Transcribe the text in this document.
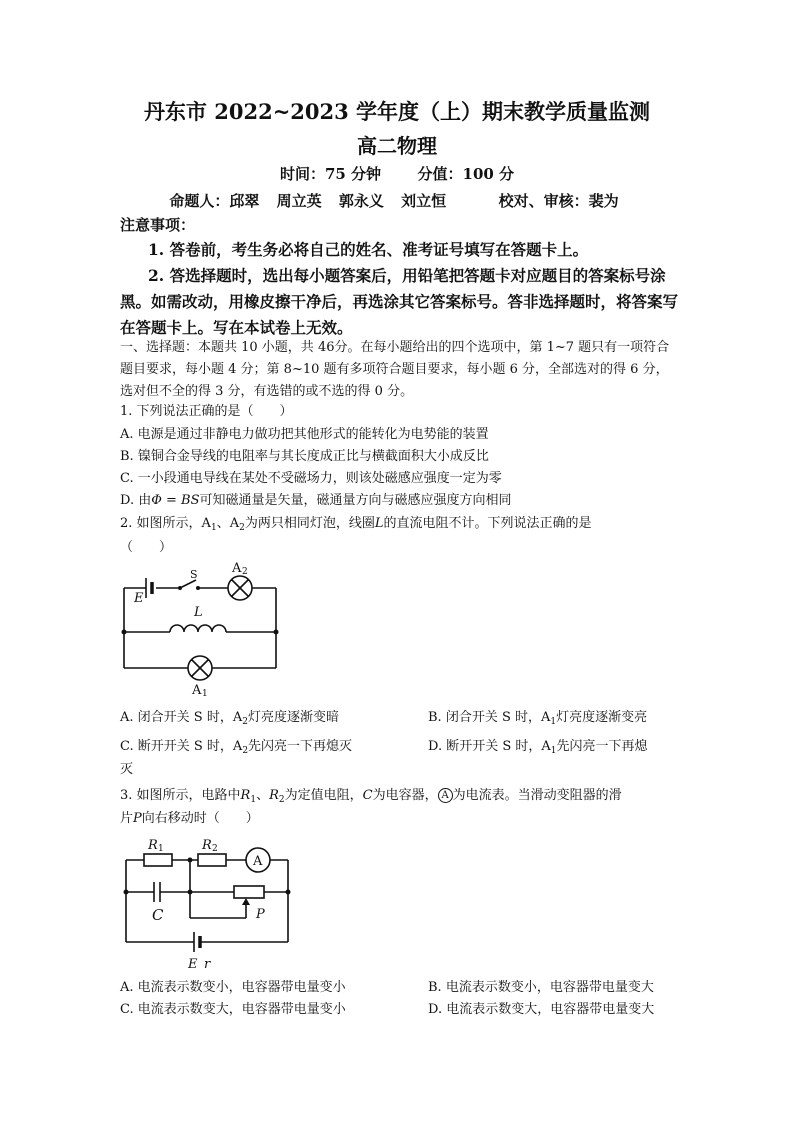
丹东市 2022~2023 学年度（上）期末教学质量监测
高二物理
时间：75 分钟 分值：100 分
命题人：邱翠 周立英 郭永义 刘立恒	校对、审核：裴为
注意事项：
1. 答卷前，考生务必将自己的姓名、准考证号填写在答题卡上。
2. 答选择题时，选出每小题答案后，用铅笔把答题卡对应题目的答案标号涂黑。如需改动，用橡皮擦干净后，再选涂其它答案标号。答非选择题时，将答案写在答题卡上。写在本试卷上无效。
一、选择题：本题共 10 小题，共 46分。在每小题给出的四个选项中，第 1~7 题只有一项符合题目要求，每小题 4 分；第 8~10 题有多项符合题目要求，每小题 6 分，全部选对的得 6 分，选对但不全的得 3 分，有选错的或不选的得 0 分。
1. 下列说法正确的是（　　）
A. 电源是通过非静电力做功把其他形式的能转化为电势能的装置
B. 镍铜合金导线的电阻率与其长度成正比与横截面积大小成反比
C. 一小段通电导线在某处不受磁场力，则该处磁感应强度一定为零
D. 由Φ = BS可知磁通量是矢量，磁通量方向与磁感应强度方向相同
2. 如图所示，$A_1$、$A_2$为两只相同灯泡，线圈L的直流电阻不计。下列说法正确的是
（　　）
E
S	A 2
L
A 1
A. 闭合开关 S 时，$A_2$灯亮度逐渐变暗	B. 闭合开关 S 时，$A_1$灯亮度逐渐变亮
C. 断开开关 S 时，$A_2$先闪亮一下再熄灭	D. 断开开关 S 时，$A_1$先闪亮一下再熄
灭
3. 如图所示，电路中$R_1$、$R_2$为定值电阻，C为电容器， A 为电流表。当滑动变阻器的滑
片P向右移动时（　　）
R 1	R 2
A
C	P
E r
A. 电流表示数变小，电容器带电量变小	B. 电流表示数变小，电容器带电量变大
C. 电流表示数变大，电容器带电量变小	D. 电流表示数变大，电容器带电量变大
